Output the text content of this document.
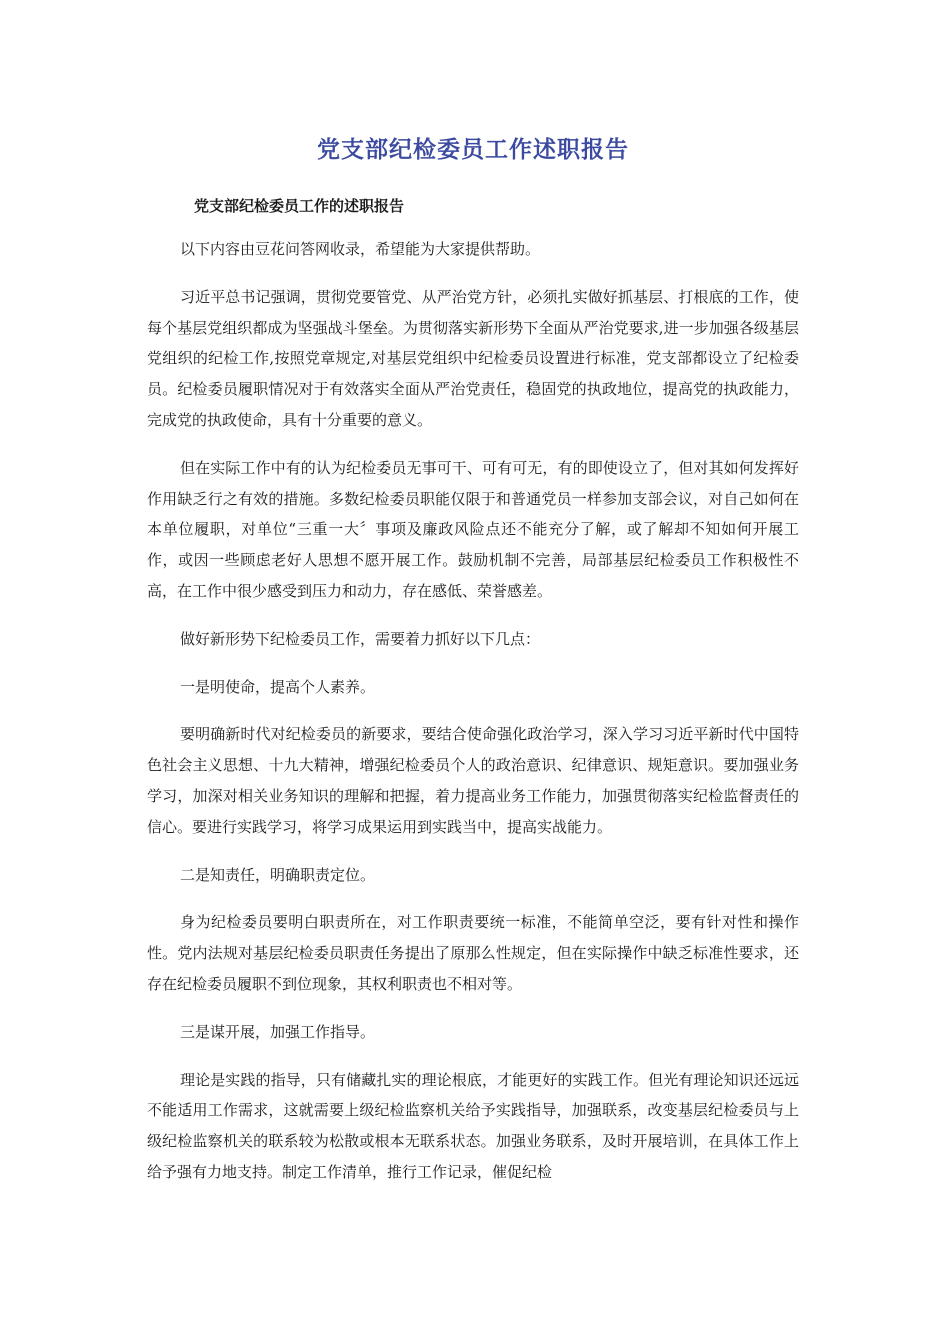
党支部纪检委员工作述职报告
党支部纪检委员工作的述职报告

以下内容由豆花问答网收录，希望能为大家提供帮助。

习近平总书记强调，贯彻党要管党、从严治党方针，必须扎实做好抓基层、打根底的工作，使每个基层党组织都成为坚强战斗堡垒。为贯彻落实新形势下全面从严治党要求,进一步加强各级基层党组织的纪检工作,按照党章规定,对基层党组织中纪检委员设置进行标准，党支部都设立了纪检委员。纪检委员履职情况对于有效落实全面从严治党责任，稳固党的执政地位，提高党的执政能力，完成党的执政使命，具有十分重要的意义。

但在实际工作中有的认为纪检委员无事可干、可有可无，有的即使设立了，但对其如何发挥好作用缺乏行之有效的措施。多数纪检委员职能仅限于和普通党员一样参加支部会议，对自己如何在本单位履职，对单位“三重一大〞事项及廉政风险点还不能充分了解，或了解却不知如何开展工作，或因一些顾虑老好人思想不愿开展工作。鼓励机制不完善，局部基层纪检委员工作积极性不高，在工作中很少感受到压力和动力，存在感低、荣誉感差。

做好新形势下纪检委员工作，需要着力抓好以下几点：

一是明使命，提高个人素养。

要明确新时代对纪检委员的新要求，要结合使命强化政治学习，深入学习习近平新时代中国特色社会主义思想、十九大精神，增强纪检委员个人的政治意识、纪律意识、规矩意识。要加强业务学习，加深对相关业务知识的理解和把握，着力提高业务工作能力，加强贯彻落实纪检监督责任的信心。要进行实践学习，将学习成果运用到实践当中，提高实战能力。

二是知责任，明确职责定位。

身为纪检委员要明白职责所在，对工作职责要统一标准，不能简单空泛，要有针对性和操作性。党内法规对基层纪检委员职责任务提出了原那么性规定，但在实际操作中缺乏标准性要求，还存在纪检委员履职不到位现象，其权利职责也不相对等。

三是谋开展，加强工作指导。

理论是实践的指导，只有储藏扎实的理论根底，才能更好的实践工作。但光有理论知识还远远不能适用工作需求，这就需要上级纪检监察机关给予实践指导，加强联系，改变基层纪检委员与上级纪检监察机关的联系较为松散或根本无联系状态。加强业务联系，及时开展培训，在具体工作上给予强有力地支持。制定工作清单，推行工作记录，催促纪检
